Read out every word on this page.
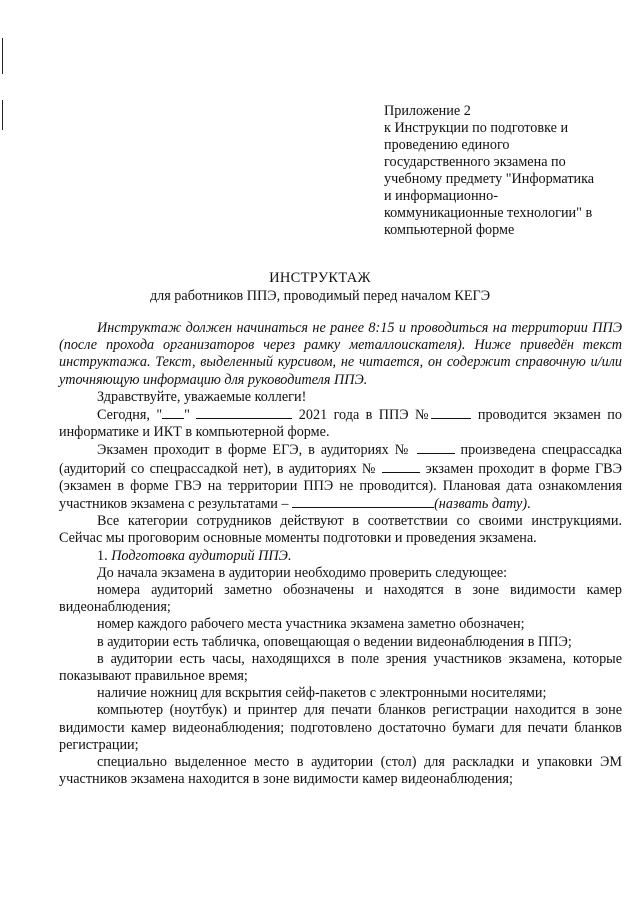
Приложение 2
к Инструкции по подготовке и
проведению единого
государственного экзамена по
учебному предмету "Информатика
и информационно-
коммуникационные технологии" в
компьютерной форме
ИНСТРУКТАЖ
для работников ППЭ, проводимый перед началом КЕГЭ

Инструктаж должен начинаться не ранее 8:15 и проводиться на территории ППЭ (после прохода организаторов через рамку металлоискателя). Ниже приведён текст инструктажа. Текст, выделенный курсивом, не читается, он содержит справочную и/или уточняющую информацию для руководителя ППЭ.

Здравствуйте, уважаемые коллеги!

Сегодня, " "	2021 года в ППЭ №	проводится экзамен по информатике и ИКТ в компьютерной форме.

Экзамен проходит в форме ЕГЭ, в аудиториях №	произведена спецрассадка (аудиторий со спецрассадкой нет), в аудиториях №	экзамен проходит в форме ГВЭ (экзамен в форме ГВЭ на территории ППЭ не проводится). Плановая дата ознакомления участников экзамена с результатами –	(назвать дату).

Все категории сотрудников действуют в соответствии со своими инструкциями. Сейчас мы проговорим основные моменты подготовки и проведения экзамена.

1. Подготовка аудиторий ППЭ.

До начала экзамена в аудитории необходимо проверить следующее:

номера аудиторий заметно обозначены и находятся в зоне видимости камер видеонаблюдения;

номер каждого рабочего места участника экзамена заметно обозначен;

в аудитории есть табличка, оповещающая о ведении видеонаблюдения в ППЭ;

в аудитории есть часы, находящихся в поле зрения участников экзамена, которые показывают правильное время;

наличие ножниц для вскрытия сейф-пакетов с электронными носителями;

компьютер (ноутбук) и принтер для печати бланков регистрации находится в зоне видимости камер видеонаблюдения; подготовлено достаточно бумаги для печати бланков регистрации;

специально выделенное место в аудитории (стол) для раскладки и упаковки ЭМ участников экзамена находится в зоне видимости камер видеонаблюдения;
